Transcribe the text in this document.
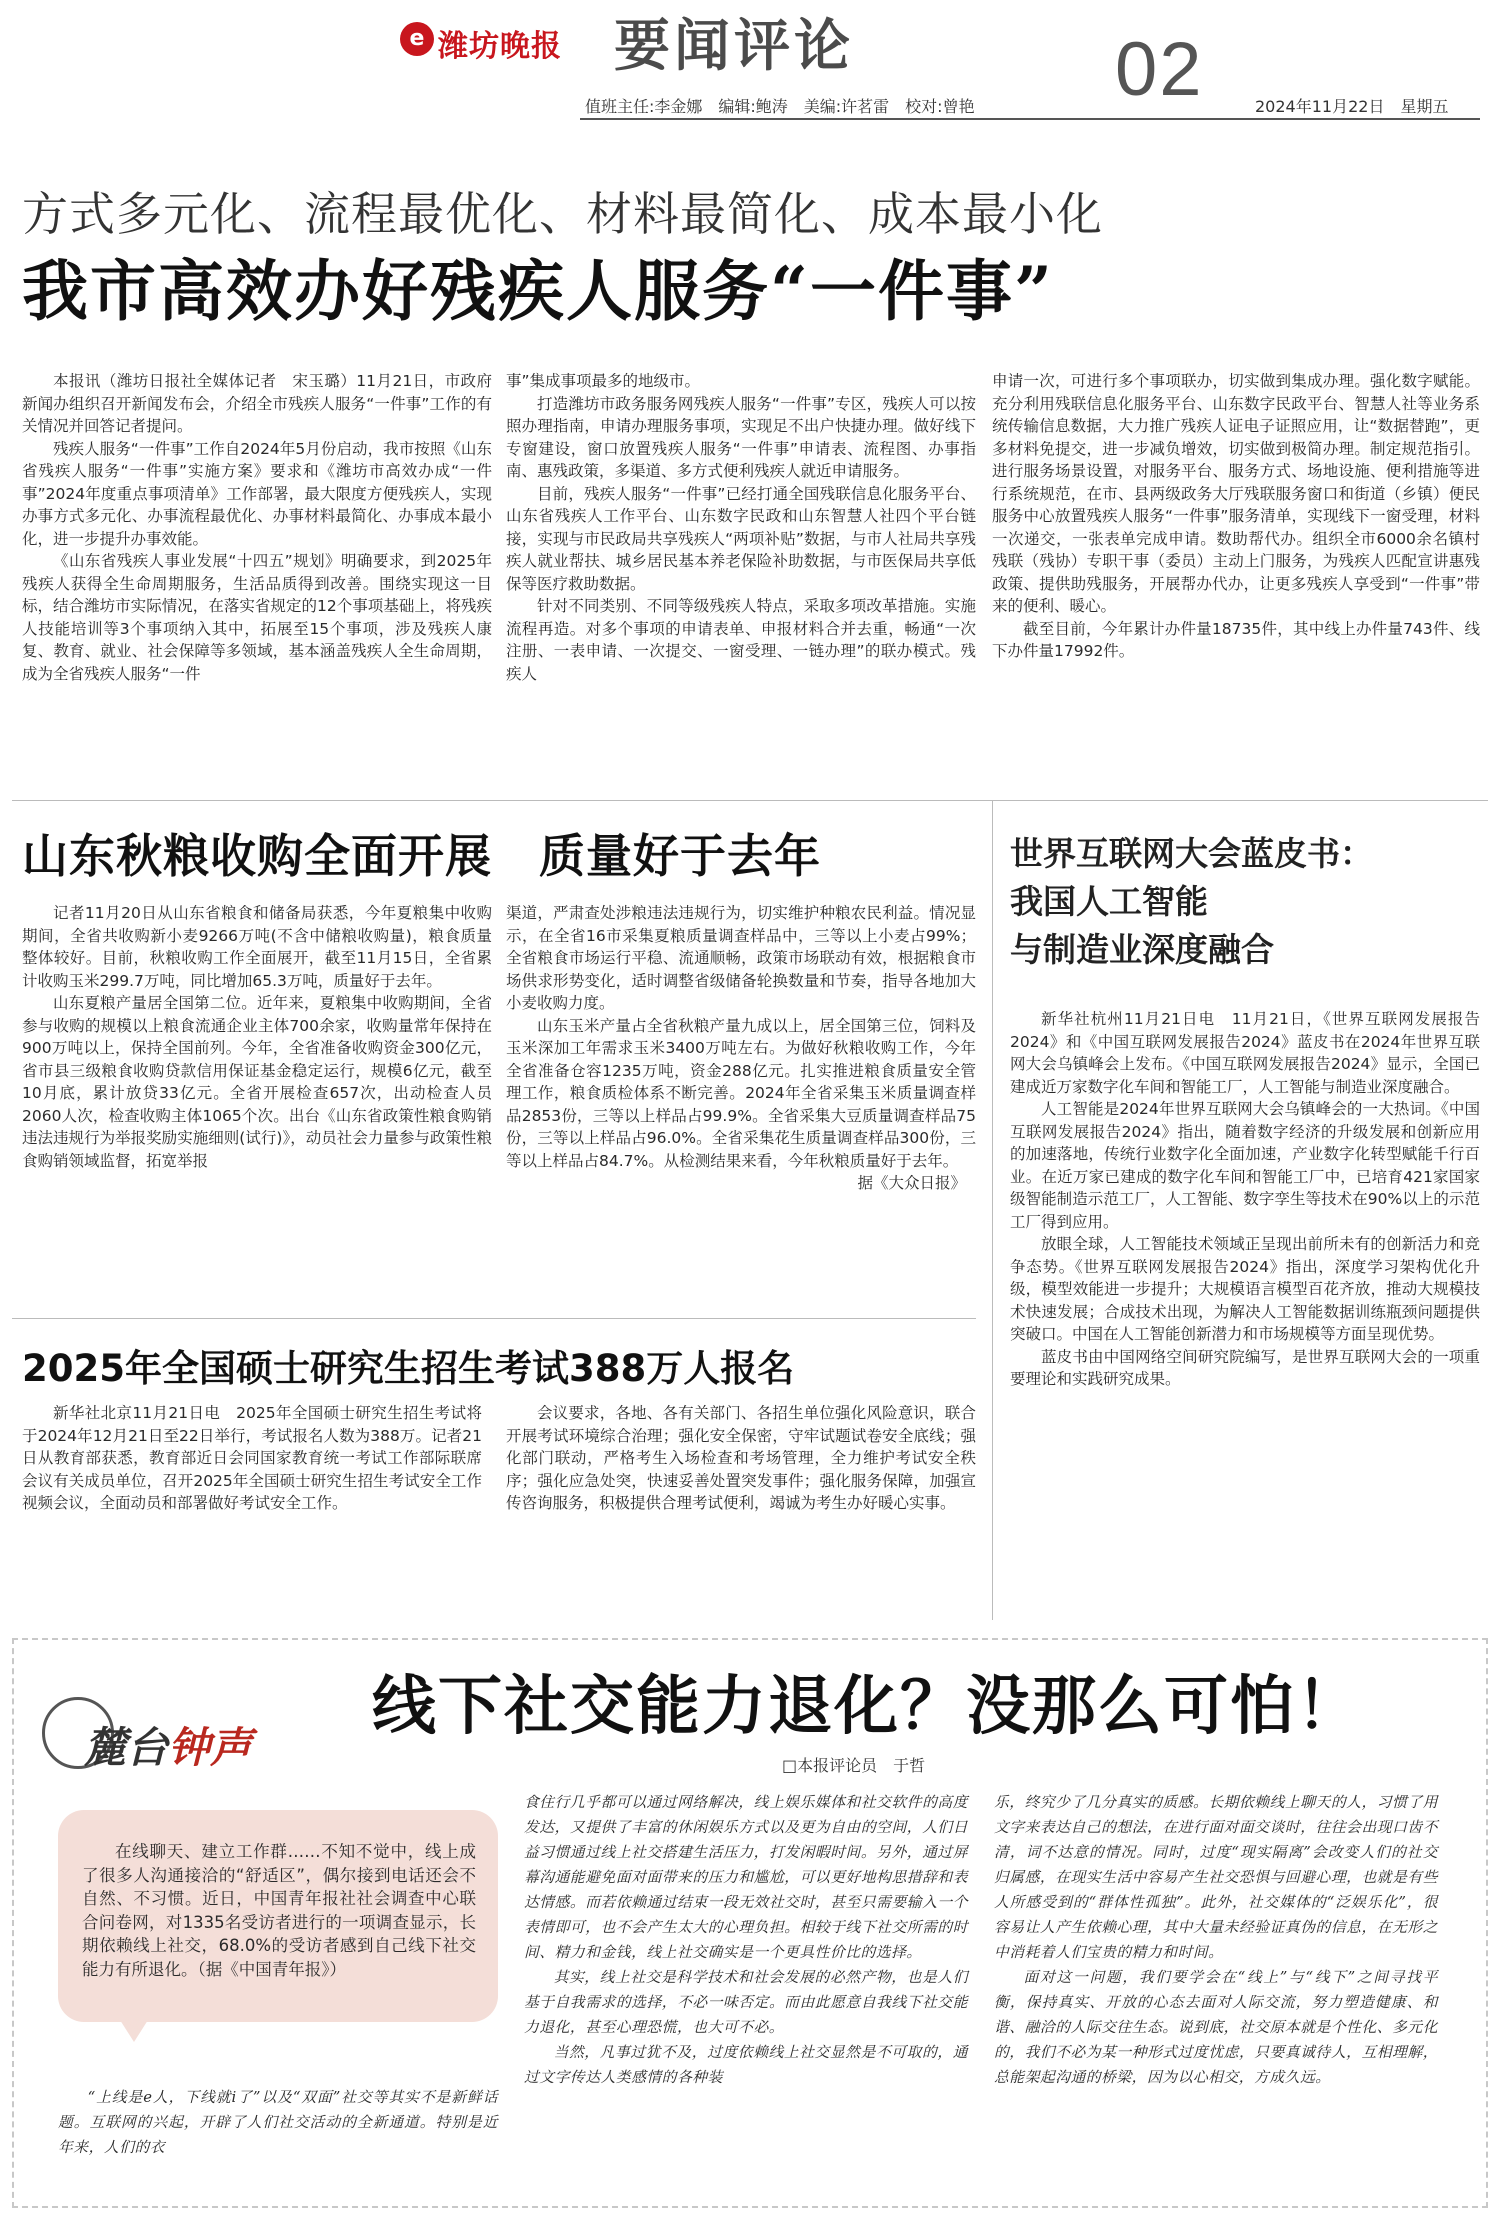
e 潍坊晚报 要闻评论
值班主任:李金娜　编辑:鲍涛　美编:许茗雷　校对:曾艳 02	2024年11月22日　星期五
方式多元化、流程最优化、材料最简化、成本最小化
我市高效办好残疾人服务“一件事”

本报讯（潍坊日报社全媒体记者　宋玉璐）11月21日，市政府新闻办组织召开新闻发布会，介绍全市残疾人服务“一件事”工作的有关情况并回答记者提问。

残疾人服务“一件事”工作自2024年5月份启动，我市按照《山东省残疾人服务“一件事”实施方案》要求和《潍坊市高效办成“一件事”2024年度重点事项清单》工作部署，最大限度方便残疾人，实现办事方式多元化、办事流程最优化、办事材料最简化、办事成本最小化，进一步提升办事效能。

《山东省残疾人事业发展“十四五”规划》明确要求，到2025年残疾人获得全生命周期服务，生活品质得到改善。围绕实现这一目标，结合潍坊市实际情况，在落实省规定的12个事项基础上，将残疾人技能培训等3个事项纳入其中，拓展至15个事项，涉及残疾人康复、教育、就业、社会保障等多领域，基本涵盖残疾人全生命周期，成为全省残疾人服务“一件

事”集成事项最多的地级市。

打造潍坊市政务服务网残疾人服务“一件事”专区，残疾人可以按照办理指南，申请办理服务事项，实现足不出户快捷办理。做好线下专窗建设，窗口放置残疾人服务“一件事”申请表、流程图、办事指南、惠残政策，多渠道、多方式便利残疾人就近申请服务。

目前，残疾人服务“一件事”已经打通全国残联信息化服务平台、山东省残疾人工作平台、山东数字民政和山东智慧人社四个平台链接，实现与市民政局共享残疾人“两项补贴”数据，与市人社局共享残疾人就业帮扶、城乡居民基本养老保险补助数据，与市医保局共享低保等医疗救助数据。

针对不同类别、不同等级残疾人特点，采取多项改革措施。实施流程再造。对多个事项的申请表单、申报材料合并去重，畅通“一次注册、一表申请、一次提交、一窗受理、一链办理”的联办模式。残疾人

申请一次，可进行多个事项联办，切实做到集成办理。强化数字赋能。充分利用残联信息化服务平台、山东数字民政平台、智慧人社等业务系统传输信息数据，大力推广残疾人证电子证照应用，让“数据替跑”，更多材料免提交，进一步减负增效，切实做到极简办理。制定规范指引。进行服务场景设置，对服务平台、服务方式、场地设施、便利措施等进行系统规范，在市、县两级政务大厅残联服务窗口和街道（乡镇）便民服务中心放置残疾人服务“一件事”服务清单，实现线下一窗受理，材料一次递交，一张表单完成申请。数助帮代办。组织全市6000余名镇村残联（残协）专职干事（委员）主动上门服务，为残疾人匹配宣讲惠残政策、提供助残服务，开展帮办代办，让更多残疾人享受到“一件事”带来的便利、暖心。

截至目前，今年累计办件量18735件，其中线上办件量743件、线下办件量17992件。

山东秋粮收购全面开展　质量好于去年

记者11月20日从山东省粮食和储备局获悉，今年夏粮集中收购期间，全省共收购新小麦9266万吨(不含中储粮收购量)，粮食质量整体较好。目前，秋粮收购工作全面展开，截至11月15日，全省累计收购玉米299.7万吨，同比增加65.3万吨，质量好于去年。

山东夏粮产量居全国第二位。近年来，夏粮集中收购期间，全省参与收购的规模以上粮食流通企业主体700余家，收购量常年保持在900万吨以上，保持全国前列。今年，全省准备收购资金300亿元，省市县三级粮食收购贷款信用保证基金稳定运行，规模6亿元，截至10月底，累计放贷33亿元。全省开展检查657次，出动检查人员2060人次，检查收购主体1065个次。出台《山东省政策性粮食购销违法违规行为举报奖励实施细则(试行)》，动员社会力量参与政策性粮食购销领域监督，拓宽举报

渠道，严肃查处涉粮违法违规行为，切实维护种粮农民利益。情况显示，在全省16市采集夏粮质量调查样品中，三等以上小麦占99%；全省粮食市场运行平稳、流通顺畅，政策市场联动有效，根据粮食市场供求形势变化，适时调整省级储备轮换数量和节奏，指导各地加大小麦收购力度。

山东玉米产量占全省秋粮产量九成以上，居全国第三位，饲料及玉米深加工年需求玉米3400万吨左右。为做好秋粮收购工作，今年全省准备仓容1235万吨，资金288亿元。扎实推进粮食质量安全管理工作，粮食质检体系不断完善。2024年全省采集玉米质量调查样品2853份，三等以上样品占99.9%。全省采集大豆质量调查样品75份，三等以上样品占96.0%。全省采集花生质量调查样品300份，三等以上样品占84.7%。从检测结果来看，今年秋粮质量好于去年。

据《大众日报》

世界互联网大会蓝皮书：
我国人工智能
与制造业深度融合

新华社杭州11月21日电　11月21日，《世界互联网发展报告2024》和《中国互联网发展报告2024》蓝皮书在2024年世界互联网大会乌镇峰会上发布。《中国互联网发展报告2024》显示，全国已建成近万家数字化车间和智能工厂，人工智能与制造业深度融合。

人工智能是2024年世界互联网大会乌镇峰会的一大热词。《中国互联网发展报告2024》指出，随着数字经济的升级发展和创新应用的加速落地，传统行业数字化全面加速，产业数字化转型赋能千行百业。在近万家已建成的数字化车间和智能工厂中，已培育421家国家级智能制造示范工厂，人工智能、数字孪生等技术在90%以上的示范工厂得到应用。

放眼全球，人工智能技术领域正呈现出前所未有的创新活力和竞争态势。《世界互联网发展报告2024》指出，深度学习架构优化升级，模型效能进一步提升；大规模语言模型百花齐放，推动大规模技术快速发展；合成技术出现，为解决人工智能数据训练瓶颈问题提供突破口。中国在人工智能创新潜力和市场规模等方面呈现优势。

蓝皮书由中国网络空间研究院编写，是世界互联网大会的一项重要理论和实践研究成果。

2025年全国硕士研究生招生考试388万人报名

新华社北京11月21日电　2025年全国硕士研究生招生考试将于2024年12月21日至22日举行，考试报名人数为388万。记者21日从教育部获悉，教育部近日会同国家教育统一考试工作部际联席会议有关成员单位，召开2025年全国硕士研究生招生考试安全工作视频会议，全面动员和部署做好考试安全工作。

会议要求，各地、各有关部门、各招生单位强化风险意识，联合开展考试环境综合治理；强化安全保密，守牢试题试卷安全底线；强化部门联动，严格考生入场检查和考场管理，全力维护考试安全秩序；强化应急处突，快速妥善处置突发事件；强化服务保障，加强宣传咨询服务，积极提供合理考试便利，竭诚为考生办好暖心实事。

麓台钟声
线下社交能力退化？没那么可怕！
□本报评论员　于哲
在线聊天、建立工作群……不知不觉中，线上成了很多人沟通接洽的“舒适区”，偶尔接到电话还会不自然、不习惯。近日，中国青年报社社会调查中心联合问卷网，对1335名受访者进行的一项调查显示，长期依赖线上社交，68.0%的受访者感到自己线下社交能力有所退化。（据《中国青年报》）

“上线是e人，下线就i了”以及“双面”社交等其实不是新鲜话题。互联网的兴起，开辟了人们社交活动的全新通道。特别是近年来，人们的衣

食住行几乎都可以通过网络解决，线上娱乐媒体和社交软件的高度发达，又提供了丰富的休闲娱乐方式以及更为自由的空间，人们日益习惯通过线上社交搭建生活压力，打发闲暇时间。另外，通过屏幕沟通能避免面对面带来的压力和尴尬，可以更好地构思措辞和表达情感。而若依赖通过结束一段无效社交时，甚至只需要输入一个表情即可，也不会产生太大的心理负担。相较于线下社交所需的时间、精力和金钱，线上社交确实是一个更具性价比的选择。

其实，线上社交是科学技术和社会发展的必然产物，也是人们基于自我需求的选择，不必一味否定。而由此愿意自我线下社交能力退化，甚至心理恐慌，也大可不必。

当然，凡事过犹不及，过度依赖线上社交显然是不可取的，通过文字传达人类感情的各种装

乐，终究少了几分真实的质感。长期依赖线上聊天的人，习惯了用文字来表达自己的想法，在进行面对面交谈时，往往会出现口齿不清，词不达意的情况。同时，过度“现实隔离”会改变人们的社交归属感，在现实生活中容易产生社交恐惧与回避心理，也就是有些人所感受到的“群体性孤独”。此外，社交媒体的“泛娱乐化”，很容易让人产生依赖心理，其中大量未经验证真伪的信息，在无形之中消耗着人们宝贵的精力和时间。

面对这一问题，我们要学会在“线上”与“线下”之间寻找平衡，保持真实、开放的心态去面对人际交流，努力塑造健康、和谐、融洽的人际交往生态。说到底，社交原本就是个性化、多元化的，我们不必为某一种形式过度忧虑，只要真诚待人，互相理解，总能架起沟通的桥梁，因为以心相交，方成久远。
